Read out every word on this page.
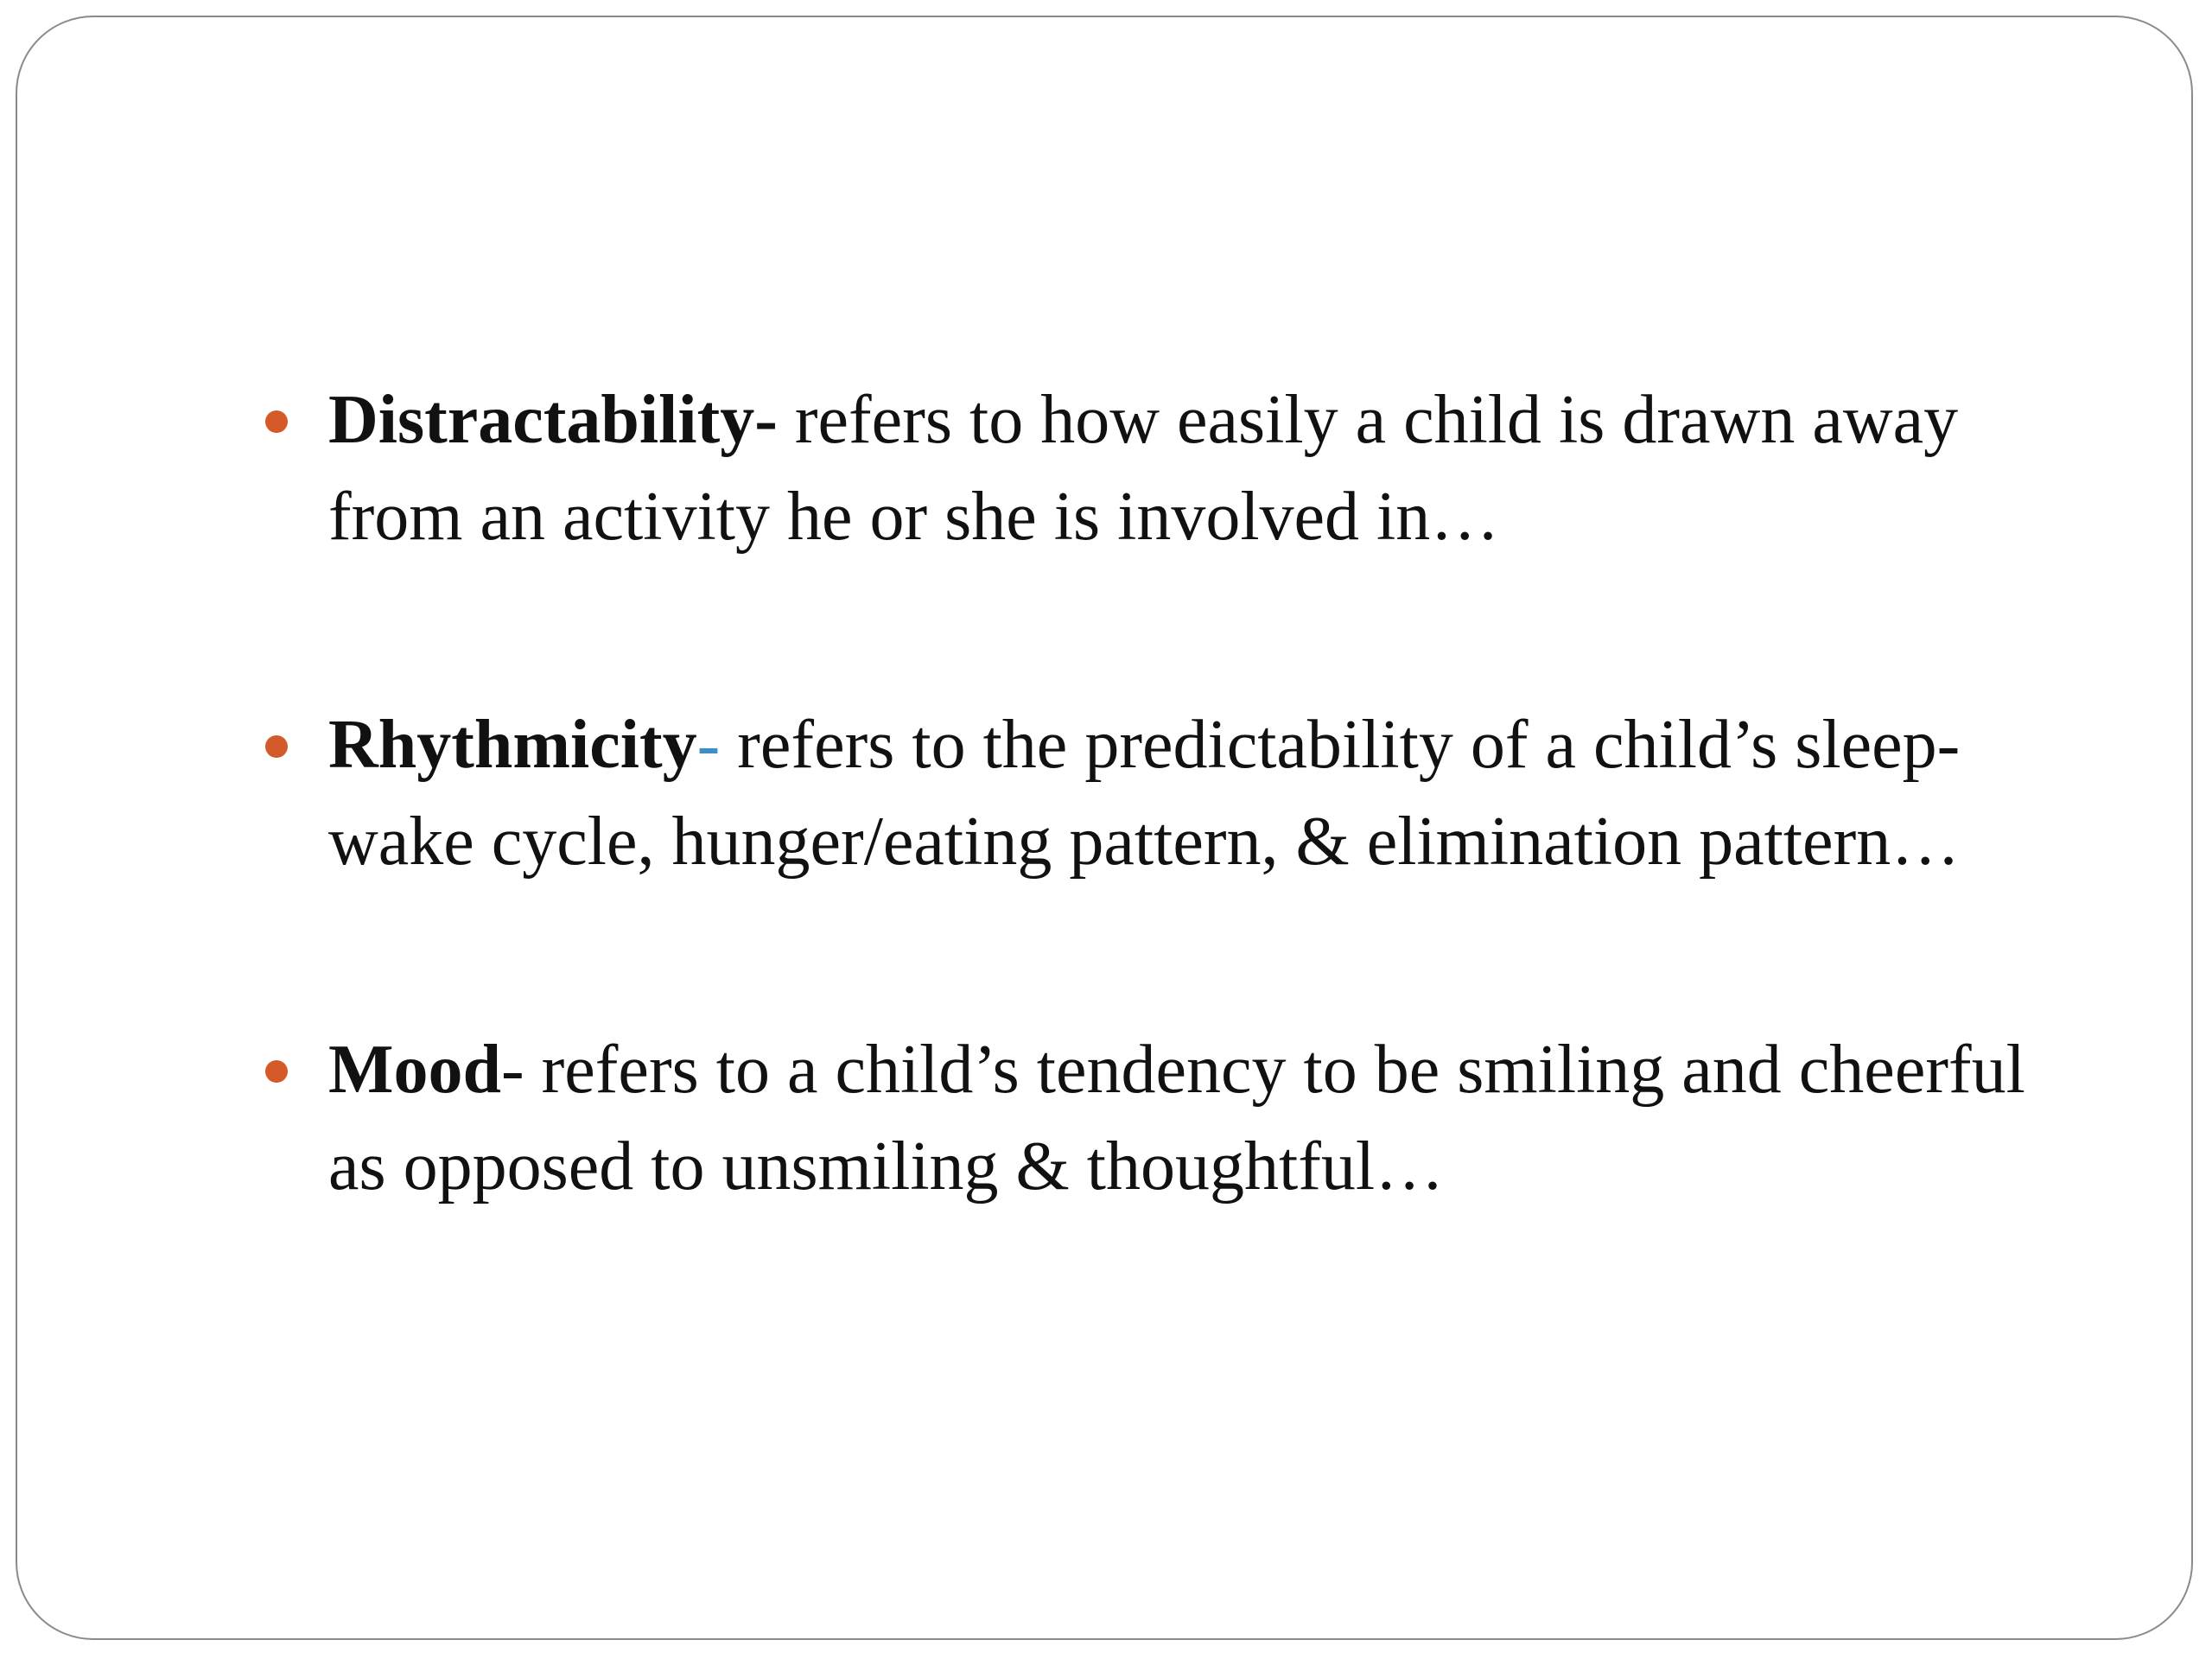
Distractability- refers to how easily a child is drawn away from an activity he or she is involved in…
Rhythmicity- refers to the predictability of a child’s sleep-wake cycle, hunger/eating pattern, & elimination pattern…
Mood- refers to a child’s tendency to be smiling and cheerful as opposed to unsmiling & thoughtful…
